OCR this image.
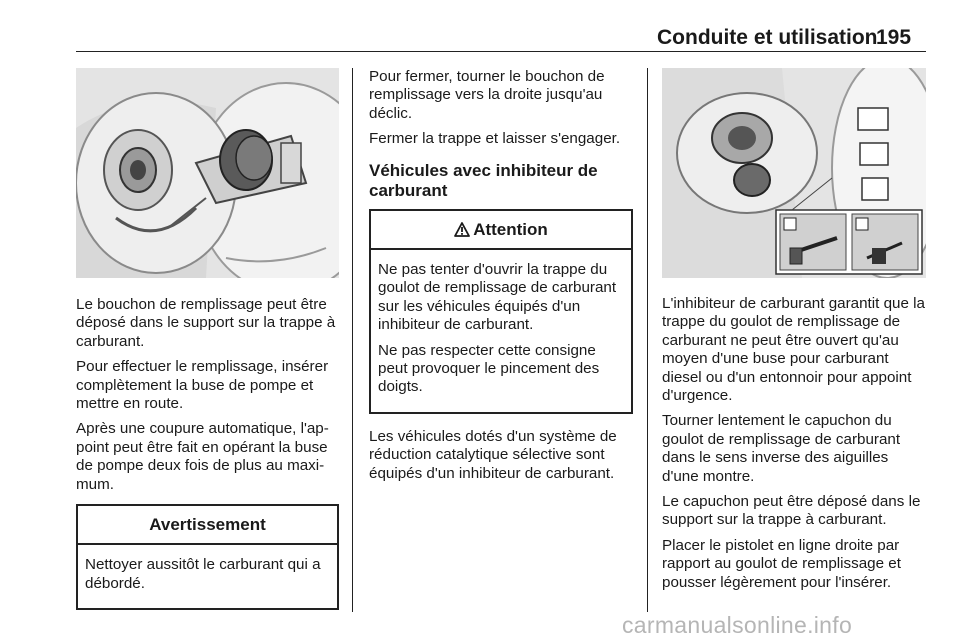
Conduite et utilisation
195

Le bouchon de remplissage peut être déposé dans le support sur la trappe à carburant.

Pour effectuer le remplissage, insérer complètement la buse de pompe et mettre en route.

Après une coupure automatique, l'appoint peut être fait en opérant la buse de pompe deux fois de plus au maximum.

Avertissement

Nettoyer aussitôt le carburant qui a débordé.

Pour fermer, tourner le bouchon de remplissage vers la droite jusqu'au déclic.

Fermer la trappe et laisser s'engager.

Véhicules avec inhibiteur de carburant
Attention

Ne pas tenter d'ouvrir la trappe du goulot de remplissage de carburant sur les véhicules équipés d'un inhibiteur de carburant.

Ne pas respecter cette consigne peut provoquer le pincement des doigts.

Les véhicules dotés d'un système de réduction catalytique sélective sont équipés d'un inhibiteur de carburant.

L'inhibiteur de carburant garantit que la trappe du goulot de remplissage de carburant ne peut être ouvert qu'au moyen d'une buse pour carburant diesel ou d'un entonnoir pour appoint d'urgence.

Tourner lentement le capuchon du goulot de remplissage de carburant dans le sens inverse des aiguilles d'une montre.

Le capuchon peut être déposé dans le support sur la trappe à carburant.

Placer le pistolet en ligne droite par rapport au goulot de remplissage et pousser légèrement pour l'insérer.

carmanualsonline.info
